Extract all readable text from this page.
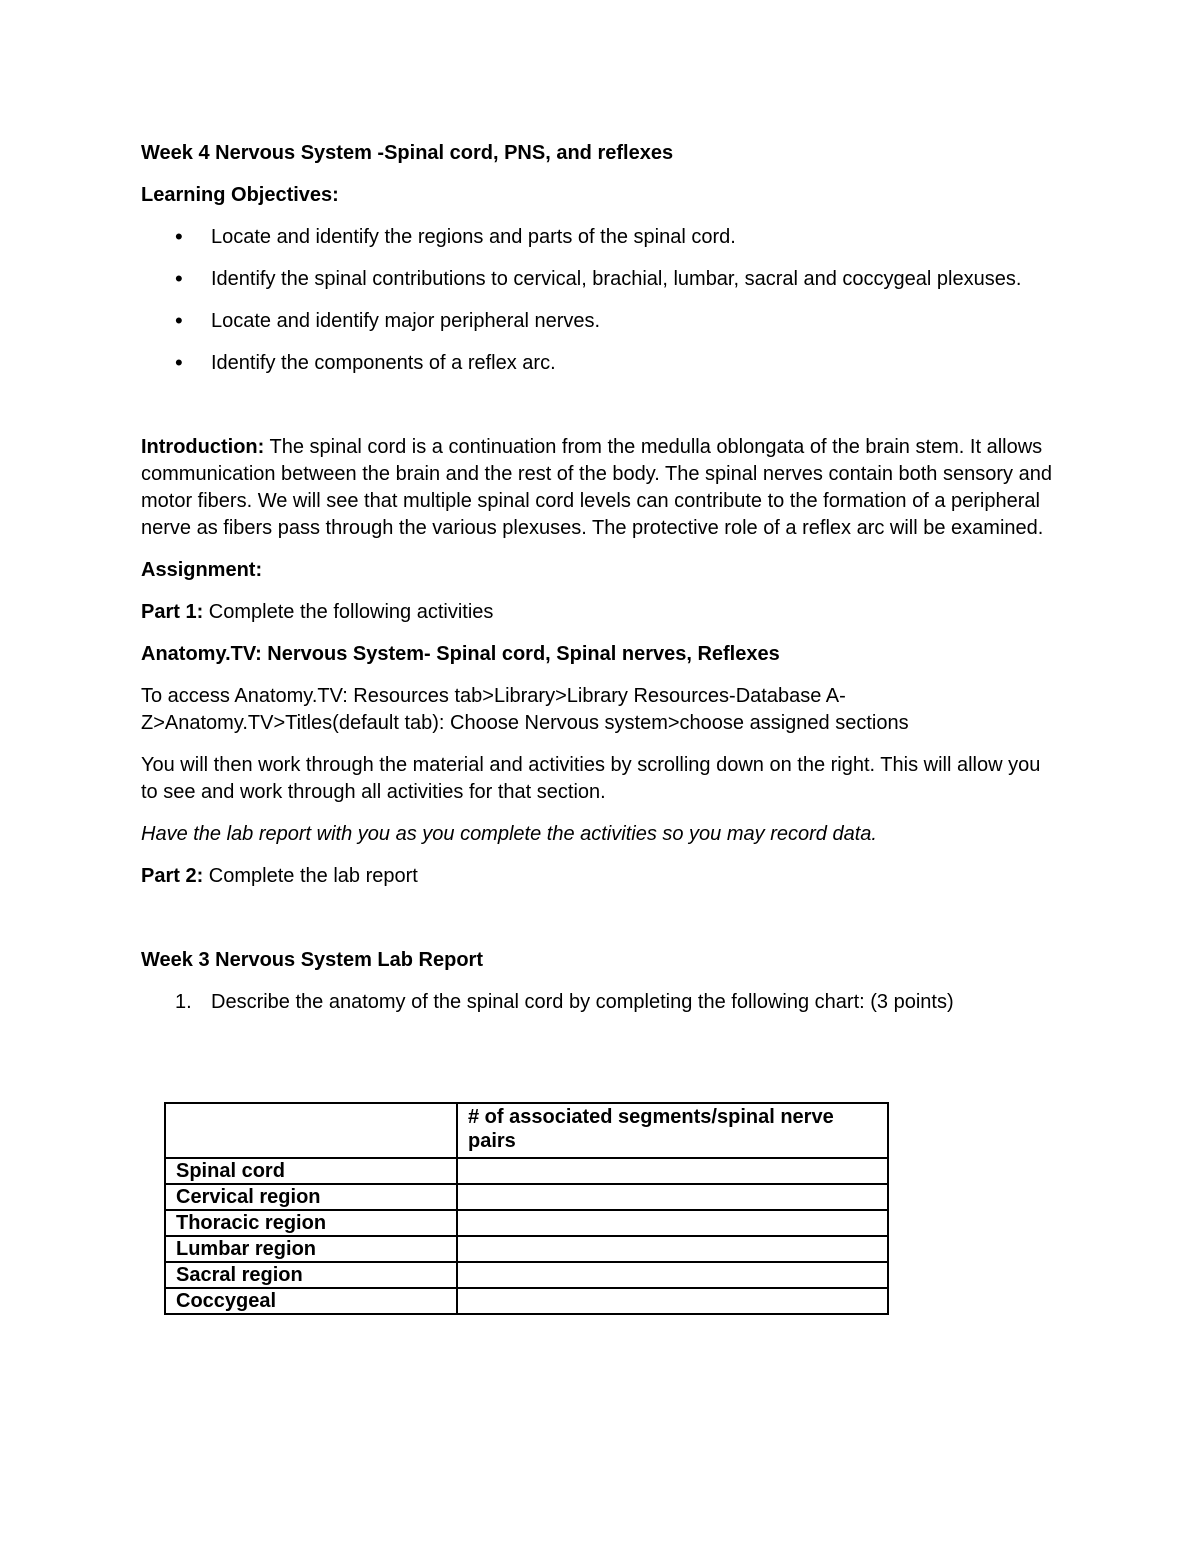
Week 4 Nervous System -Spinal cord, PNS, and reflexes
Learning Objectives:
• Locate and identify the regions and parts of the spinal cord.
• Identify the spinal contributions to cervical, brachial, lumbar, sacral and coccygeal plexuses.
• Locate and identify major peripheral nerves.
• Identify the components of a reflex arc.
Introduction: The spinal cord is a continuation from the medulla oblongata of the brain stem. It allows communication between the brain and the rest of the body. The spinal nerves contain both sensory and motor fibers. We will see that multiple spinal cord levels can contribute to the formation of a peripheral nerve as fibers pass through the various plexuses. The protective role of a reflex arc will be examined.
Assignment:
Part 1: Complete the following activities
Anatomy.TV: Nervous System- Spinal cord, Spinal nerves, Reflexes
To access Anatomy.TV: Resources tab>Library>Library Resources-Database A-Z>Anatomy.TV>Titles(default tab): Choose Nervous system>choose assigned sections
You will then work through the material and activities by scrolling down on the right. This will allow you to see and work through all activities for that section.
Have the lab report with you as you complete the activities so you may record data.
Part 2: Complete the lab report
Week 3 Nervous System Lab Report
1. Describe the anatomy of the spinal cord by completing the following chart: (3 points)
	# of associated segments/spinal nerve pairs
Spinal cord	
Cervical region	
Thoracic region	
Lumbar region	
Sacral region	
Coccygeal	
